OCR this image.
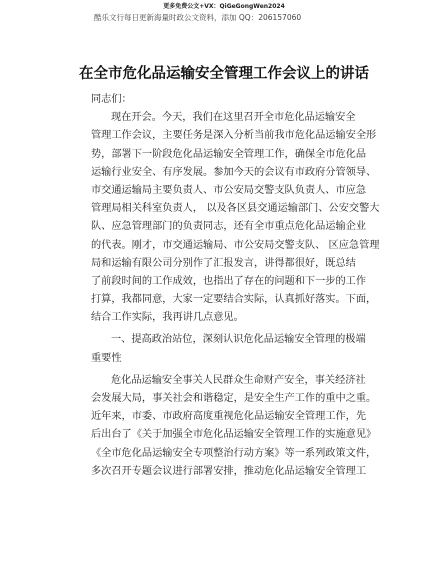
更多免费公文+VX：QiGeGongWen2024
酷乐文行每日更新海量时政公文资料，添加 QQ：206157060
在全市危化品运输安全管理工作会议上的讲话
同志们：
现在开会。今天，我们在这里召开全市危化品运输安全
管理工作会议，主要任务是深入分析当前我市危化品运输安全形
势，部署下一阶段危化品运输安全管理工作，确保全市危化品
运输行业安全、有序发展。参加今天的会议有市政府分管领导、
市交通运输局主要负责人、市公安局交警支队负责人、市应急
管理局相关科室负责人， 以及各区县交通运输部门、公安交警大
队、应急管理部门的负责同志，还有全市重点危化品运输企业
的代表。刚才，市交通运输局、市公安局交警支队、 区应急管理
局和运输有限公司分别作了汇报发言，讲得都很好，既总结
了前段时间的工作成效，也指出了存在的问题和下一步的工作
打算，我都同意，大家一定要结合实际，认真抓好落实。下面，
结合工作实际，我再讲几点意见。
一、提高政治站位，深刻认识危化品运输安全管理的极端
重要性
危化品运输安全事关人民群众生命财产安全，事关经济社
会发展大局，事关社会和谐稳定，是安全生产工作的重中之重。
近年来，市委、市政府高度重视危化品运输安全管理工作，先
后出台了《关于加强全市危化品运输安全管理工作的实施意见》
《全市危化品运输安全专项整治行动方案》等一系列政策文件，
多次召开专题会议进行部署安排，推动危化品运输安全管理工
